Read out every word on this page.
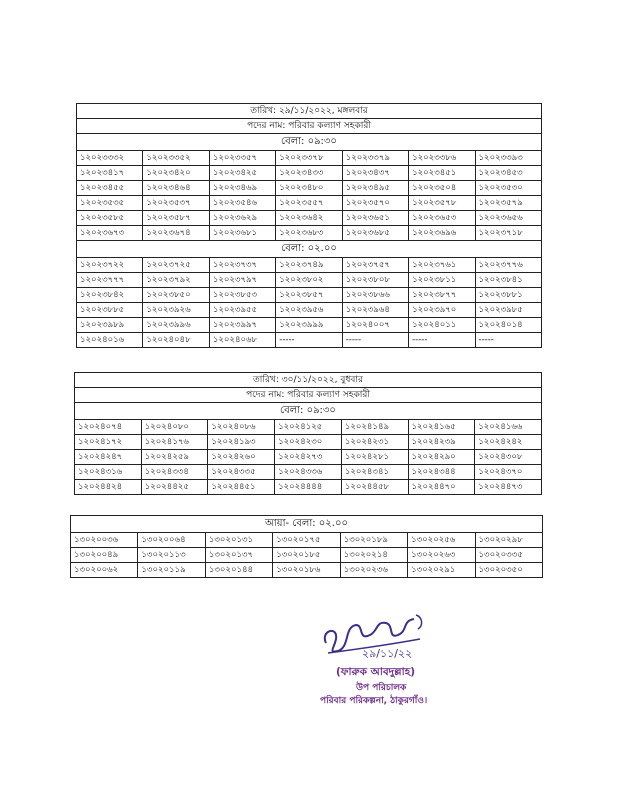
তারিখ: ২৯/১১/২০২২, মঙ্গলবার						
পদের নাম: পরিবার কল্যাণ সহকারী						
বেলা: ০৯:৩০						
১২০২৩৩৩২	১২০২৩৩৫২	১২০২৩৩৫৭	১২০২৩৩৭৮	১২০২৩৩৭৯	১২০২৩৩৮৬	১২০২৩৩৯৩
১২০২৩৪১৭	১২০২৩৪২০	১২০২৩৪২৫	১২০২৩৪৩৩	১২০২৩৪৩৭	১২০২৩৪৫১	১২০২৩৪৫৩
১২০২৩৪৫৫	১২০২৩৪৬৪	১২০২৩৪৬৯	১২০২৩৪৮০	১২০২৩৪৯৫	১২০২৩৫০৪	১২০২৩৫৩০
১২০২৩৫৩৫	১২০২৩৫৩৭	১২০২৩৫৪৬	১২০২৩৫৫৭	১২০২৩৫৭০	১২০২৩৫৭৮	১২০২৩৫৭৯
১২০২৩৫৮৫	১২০২৩৫৮৭	১২০২৩৬২৯	১২০২৩৬৪২	১২০২৩৬৫১	১২০২৩৬৫৩	১২০২৩৬৫৬
১২০২৩৬৭৩	১২০২৩৬৭৪	১২০২৩৬৮১	১২০২৩৬৮৩	১২০২৩৬৮৫	১২০২৩৬৯৬	১২০২৩৭১৮
বেলা: ০২.০০						
১২০২৩৭২২	১২০২৩৭২৫	১২০২৩৭৩৭	১২০২৩৭৪৯	১২০২৩৭৫৭	১২০২৩৭৬১	১২০২৩৭৭৬
১২০২৩৭৭৭	১২০২৩৭৯২	১২০২৩৭৯৭	১২০২৩৮০২	১২০২৩৮০৮	১২০২৩৮১১	১২০২৩৮৪১
১২০২৩৮৪২	১২০২৩৮৫০	১২০২৩৮৫৩	১২০২৩৮৫৭	১২০২৩৮৬৬	১২০২৩৮৭৭	১২০২৩৮৮১
১২০২৩৮৮৫	১২০২৩৯২৬	১২০২৩৯৫৫	১২০২৩৯৫৬	১২০২৩৯৬৪	১২০২৩৯৭০	১২০২৩৯৮৫
১২০২৩৯৮৯	১২০২৩৯৯৬	১২০২৩৯৯৭	১২০২৩৯৯৯	১২০২৪০০৭	১২০২৪০১১	১২০২৪০১৪
১২০২৪০১৬	১২০২৪০৪৮	১২০২৪০৬৮	-----	-----	-----	-----
তারিখ: ৩০/১১/২০২২, বুধবার						
পদের নাম: পরিবার কল্যাণ সহকারী						
বেলা: ০৯:৩০						
১২০২৪০৭৪	১২০২৪০৮০	১২০২৪০৮৬	১২০২৪১২৫	১২০২৪১৪৯	১২০২৪১৬৫	১২০২৪১৬৬
১২০২৪১৭২	১২০২৪১৭৬	১২০২৪১৯৩	১২০২৪২৩০	১২০২৪২৩১	১২০২৪২৩৯	১২০২৪২৪২
১২০২৪২৪৭	১২০২৪২৫৯	১২০২৪২৬০	১২০২৪২৭৩	১২০২৪২৮১	১২০২৪২৯০	১২০২৪৩০৮
১২০২৪৩১৬	১২০২৪৩৩৪	১২০২৪৩৩৫	১২০২৪৩৩৬	১২০২৪৩৪১	১২০২৪৩৪৪	১২০২৪৩৭০
১২০২৪৪২৪	১২০২৪৪২৫	১২০২৪৪৫১	১২০২৪৪৪৪	১২০২৪৪৫৮	১২০২৪৪৭০	১২০২৪৪৭৩
আয়া- বেলা: ০২.০০						
১৩০২০০৩৬	১৩০২০০৬৪	১৩০২০১৩১	১৩০২০১৭৫	১৩০২০১৮৯	১৩০২০২৫৬	১৩০২০২৯৮
১৩০২০০৪৯	১৩০২০১১৩	১৩০২০১৩৭	১৩০২০১৮৫	১৩০২০২১৪	১৩০২০২৬৩	১৩০২০৩৩৫
১৩০২০০৬২	১৩০২০১১৯	১৩০২০১৪৪	১৩০২০১৮৬	১৩০২০২৩৬	১৩০২০২৯১	১৩০২০৩৫০
২৯/১১/২২
(ফারুক আবদুল্লাহ)
উপ পরিচালক
পরিবার পরিকল্পনা, ঠাকুরগাঁও।
